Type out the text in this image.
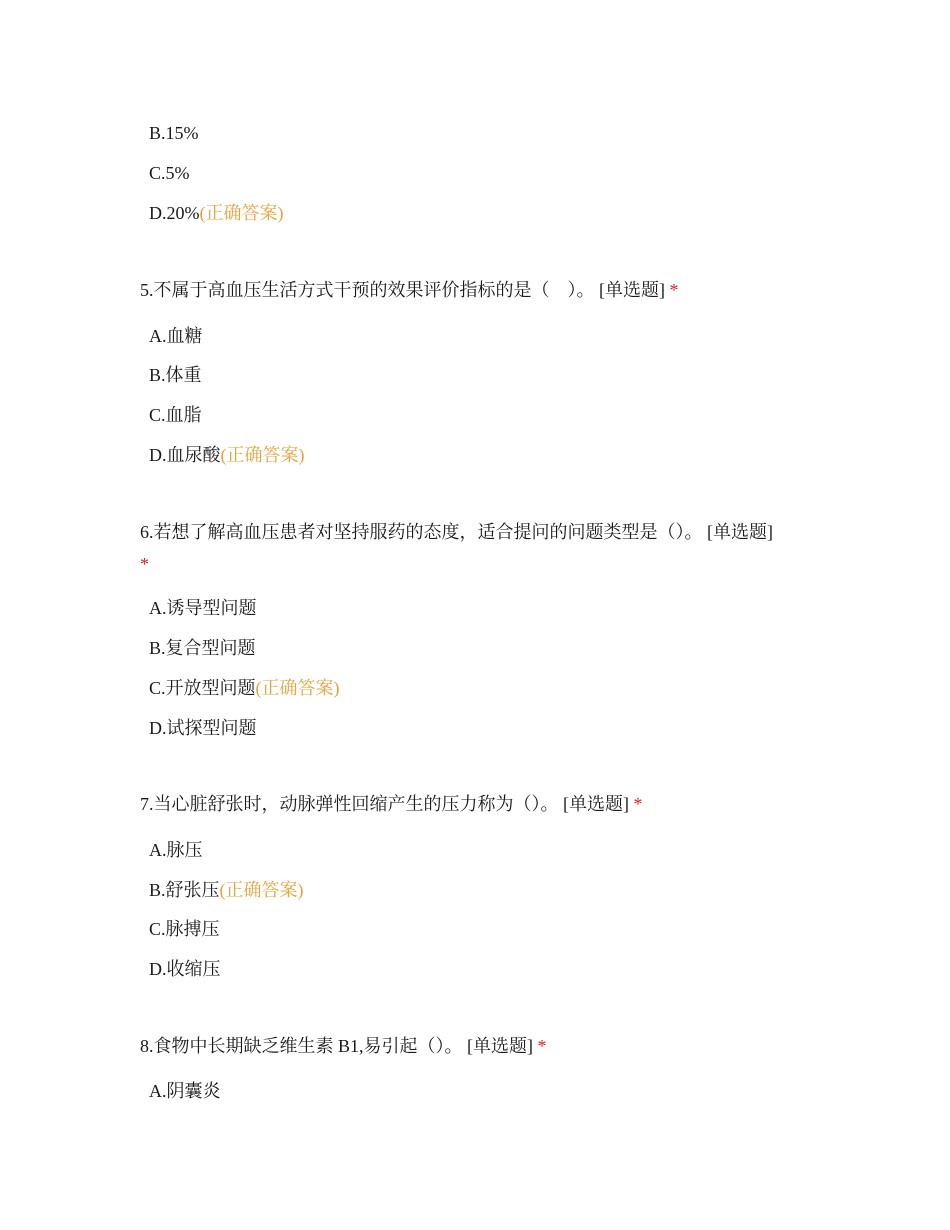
B.15%
C.5%
D.20%(正确答案)
5.不属于高血压生活方式干预的效果评价指标的是（　）。 [单选题] *
A.血糖
B.体重
C.血脂
D.血尿酸(正确答案)
6.若想了解高血压患者对坚持服药的态度，适合提问的问题类型是（）。 [单选题]
*
A.诱导型问题
B.复合型问题
C.开放型问题(正确答案)
D.试探型问题
7.当心脏舒张时，动脉弹性回缩产生的压力称为（）。 [单选题] *
A.脉压
B.舒张压(正确答案)
C.脉搏压
D.收缩压
8.食物中长期缺乏维生素 B1,易引起（）。 [单选题] *
A.阴囊炎
